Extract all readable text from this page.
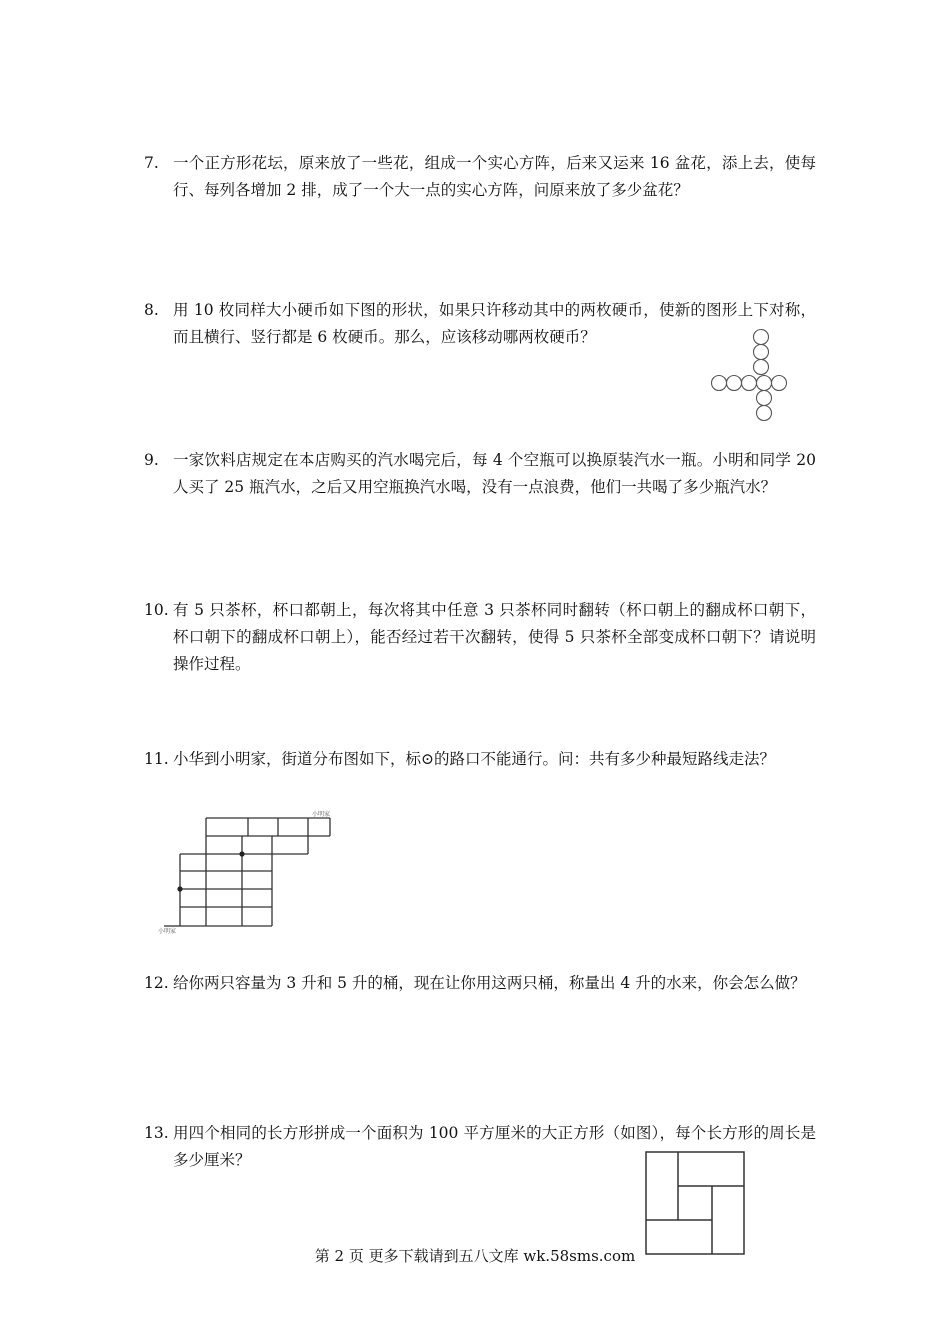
7. 一个正方形花坛，原来放了一些花，组成一个实心方阵，后来又运来 16 盆花，添上去，使每行、每列各增加 2 排，成了一个大一点的实心方阵，问原来放了多少盆花？
8. 用 10 枚同样大小硬币如下图的形状，如果只许移动其中的两枚硬币，使新的图形上下对称，而且横行、竖行都是 6 枚硬币。那么，应该移动哪两枚硬币？
9. 一家饮料店规定在本店购买的汽水喝完后，每 4 个空瓶可以换原装汽水一瓶。小明和同学 20 人买了 25 瓶汽水，之后又用空瓶换汽水喝，没有一点浪费，他们一共喝了多少瓶汽水？
10. 有 5 只茶杯，杯口都朝上，每次将其中任意 3 只茶杯同时翻转（杯口朝上的翻成杯口朝下，杯口朝下的翻成杯口朝上），能否经过若干次翻转，使得 5 只茶杯全部变成杯口朝下？请说明操作过程。
11. 小华到小明家，街道分布图如下，标⊙的路口不能通行。问：共有多少种最短路线走法？
小明家
小明家
12. 给你两只容量为 3 升和 5 升的桶，现在让你用这两只桶，称量出 4 升的水来，你会怎么做？
13. 用四个相同的长方形拼成一个面积为 100 平方厘米的大正方形（如图），每个长方形的周长是多少厘米？
第 2 页 更多下载请到五八文库 wk.58sms.com
